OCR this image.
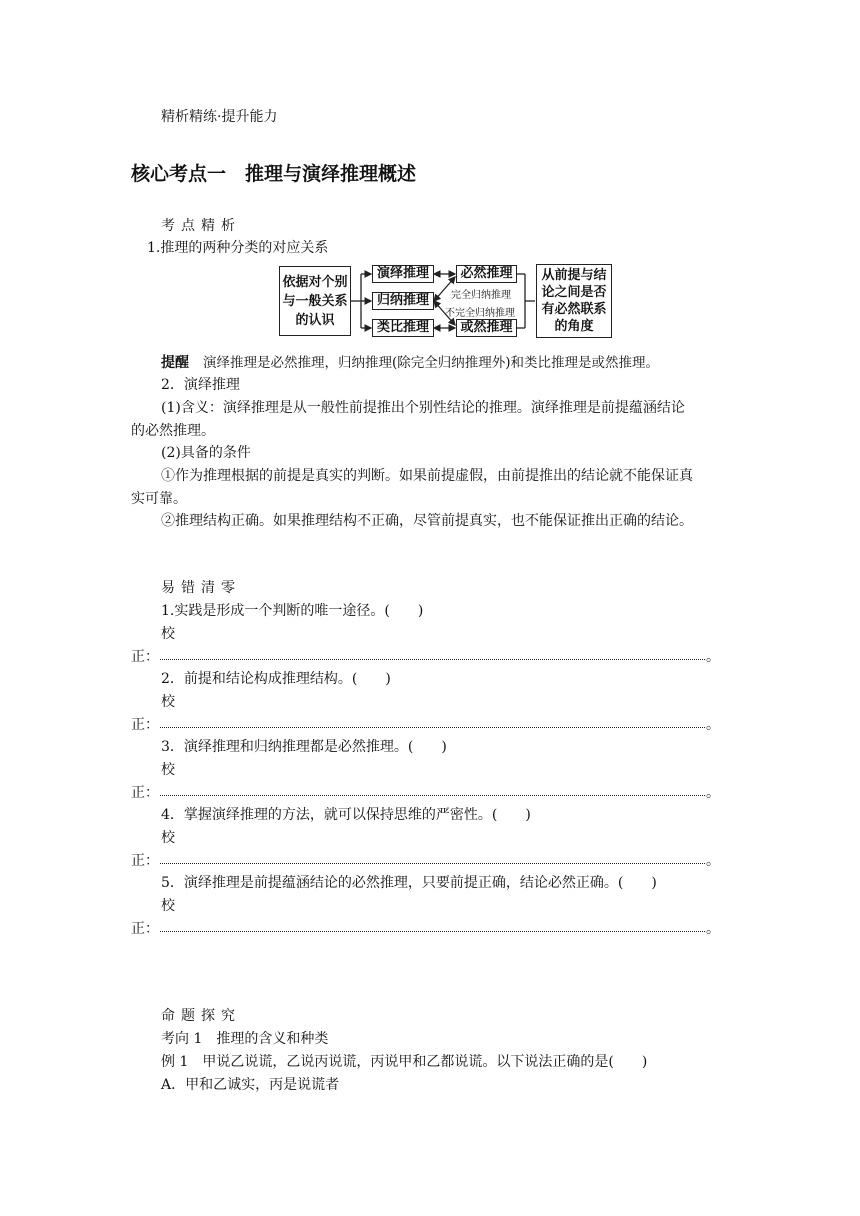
精析精练·提升能力
核心考点一　推理与演绎推理概述
考点精析
1.推理的两种分类的对应关系
依据对个别
与一般关系
的认识
演绎推理
归纳推理
类比推理
必然推理
或然推理
完全归纳推理
不完全归纳推理
从前提与结
论之间是否
有必然联系
的角度
提醒　 演绎推理是必然推理，归纳推理(除完全归纳推理外)和类比推理是或然推理。
2．演绎推理
(1)含义：演绎推理是从一般性前提推出个别性结论的推理。演绎推理是前提蕴涵结论
的必然推理。
(2)具备的条件
①作为推理根据的前提是真实的判断。如果前提虚假，由前提推出的结论就不能保证真
实可靠。
②推理结构正确。如果推理结构不正确，尽管前提真实，也不能保证推出正确的结论。
易错清零
1.实践是形成一个判断的唯一途径。(　　)
校
正：	。
2．前提和结论构成推理结构。(　　)
校
正：	。
3．演绎推理和归纳推理都是必然推理。(　　)
校
正：	。
4．掌握演绎推理的方法，就可以保持思维的严密性。(　　)
校
正：	。
5．演绎推理是前提蕴涵结论的必然推理，只要前提正确，结论必然正确。(　　)
校
正：	。
命题探究
考向 1　推理的含义和种类
例 1　甲说乙说谎，乙说丙说谎，丙说甲和乙都说谎。以下说法正确的是(　　)
A．甲和乙诚实，丙是说谎者
